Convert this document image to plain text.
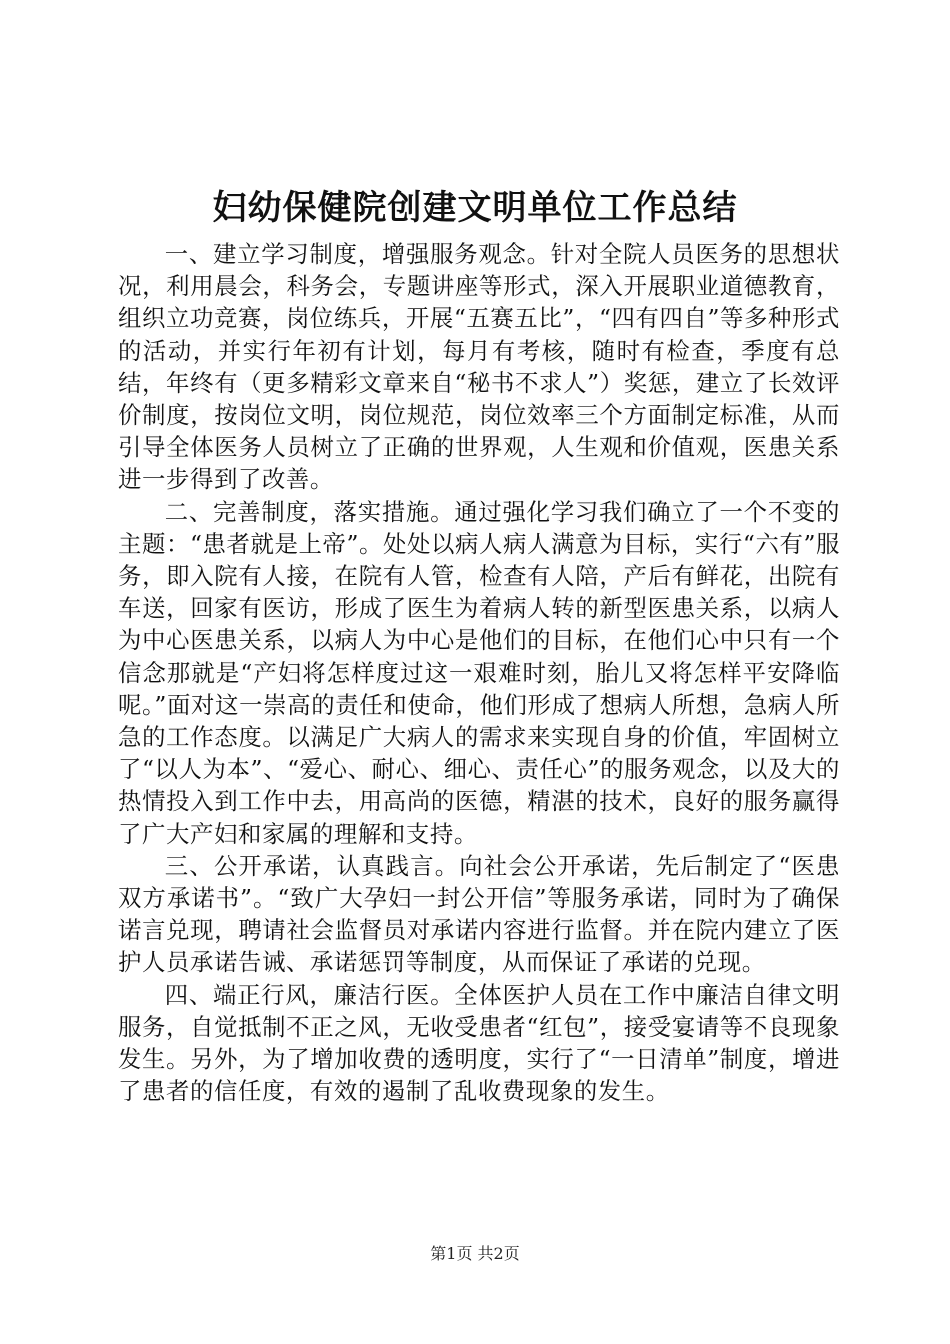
妇幼保健院创建文明单位工作总结

一、建立学习制度，增强服务观念。针对全院人员医务的思想状况，利用晨会，科务会，专题讲座等形式，深入开展职业道德教育，组织立功竞赛，岗位练兵，开展“五赛五比”，“四有四自”等多种形式的活动，并实行年初有计划，每月有考核，随时有检查，季度有总结，年终有（更多精彩文章来自“秘书不求人”）奖惩，建立了长效评价制度，按岗位文明，岗位规范，岗位效率三个方面制定标准，从而引导全体医务人员树立了正确的世界观，人生观和价值观，医患关系进一步得到了改善。

二、完善制度，落实措施。通过强化学习我们确立了一个不变的主题：“患者就是上帝”。处处以病人病人满意为目标，实行“六有”服务，即入院有人接，在院有人管，检查有人陪，产后有鲜花，出院有车送，回家有医访，形成了医生为着病人转的新型医患关系，以病人为中心医患关系，以病人为中心是他们的目标，在他们心中只有一个信念那就是“产妇将怎样度过这一艰难时刻，胎儿又将怎样平安降临呢。”面对这一崇高的责任和使命，他们形成了想病人所想，急病人所急的工作态度。以满足广大病人的需求来实现自身的价值，牢固树立了“以人为本”、“爱心、耐心、细心、责任心”的服务观念，以及大的热情投入到工作中去，用高尚的医德，精湛的技术，良好的服务赢得了广大产妇和家属的理解和支持。

三、公开承诺，认真践言。向社会公开承诺，先后制定了“医患双方承诺书”。“致广大孕妇一封公开信”等服务承诺，同时为了确保诺言兑现，聘请社会监督员对承诺内容进行监督。并在院内建立了医护人员承诺告诫、承诺惩罚等制度，从而保证了承诺的兑现。

四、端正行风，廉洁行医。全体医护人员在工作中廉洁自律文明服务，自觉抵制不正之风，无收受患者“红包”，接受宴请等不良现象发生。另外，为了增加收费的透明度，实行了“一日清单”制度，增进了患者的信任度，有效的遏制了乱收费现象的发生。

第1页 共2页
